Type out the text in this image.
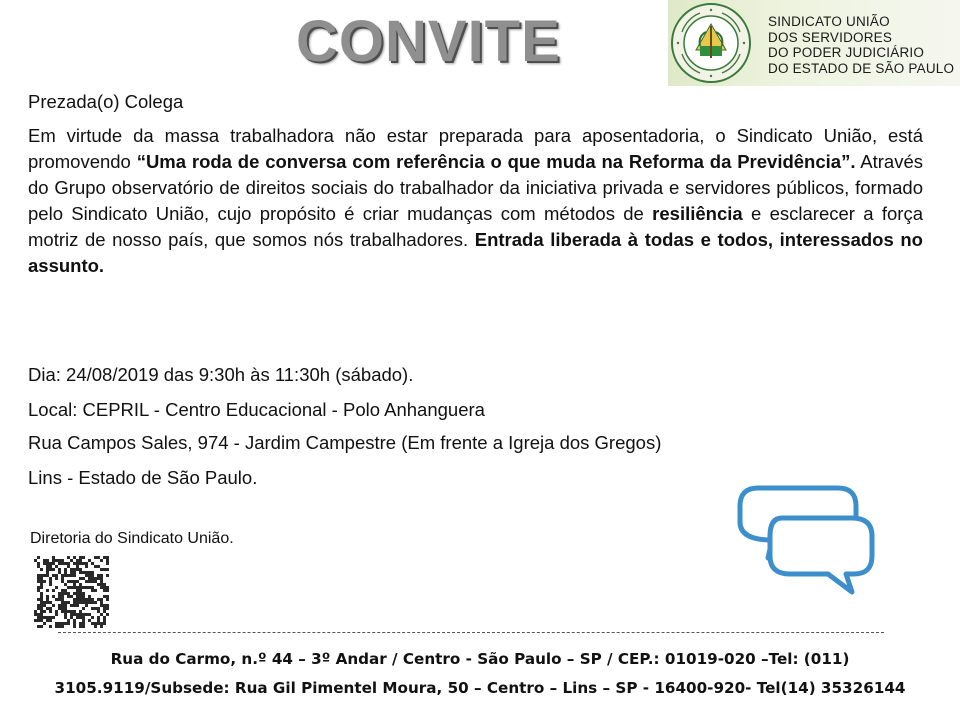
CONVITE	SINDICATO UNIÃO
DOS SERVIDORES
DO PODER JUDICIÁRIO
DO ESTADO DE SÃO PAULO
Prezada(o) Colega
Em virtude da massa trabalhadora não estar preparada para aposentadoria, o Sindicato União, está promovendo “Uma roda de conversa com referência o que muda na Reforma da Previdência”. Através do Grupo observatório de direitos sociais do trabalhador da iniciativa privada e servidores públicos, formado pelo Sindicato União, cujo propósito é criar mudanças com métodos de resiliência e esclarecer a força motriz de nosso país, que somos nós trabalhadores. Entrada liberada à todas e todos, interessados no assunto.
Dia: 24/08/2019 das 9:30h às 11:30h (sábado).
Local: CEPRIL - Centro Educacional - Polo Anhanguera
Rua Campos Sales, 974 - Jardim Campestre (Em frente a Igreja dos Gregos)
Lins - Estado de São Paulo.
Diretoria do Sindicato União.
Rua do Carmo, n.º 44 – 3º Andar / Centro - São Paulo – SP / CEP.: 01019-020 –Tel: (011)
3105.9119/Subsede: Rua Gil Pimentel Moura, 50 – Centro – Lins – SP - 16400-920- Tel(14) 35326144
